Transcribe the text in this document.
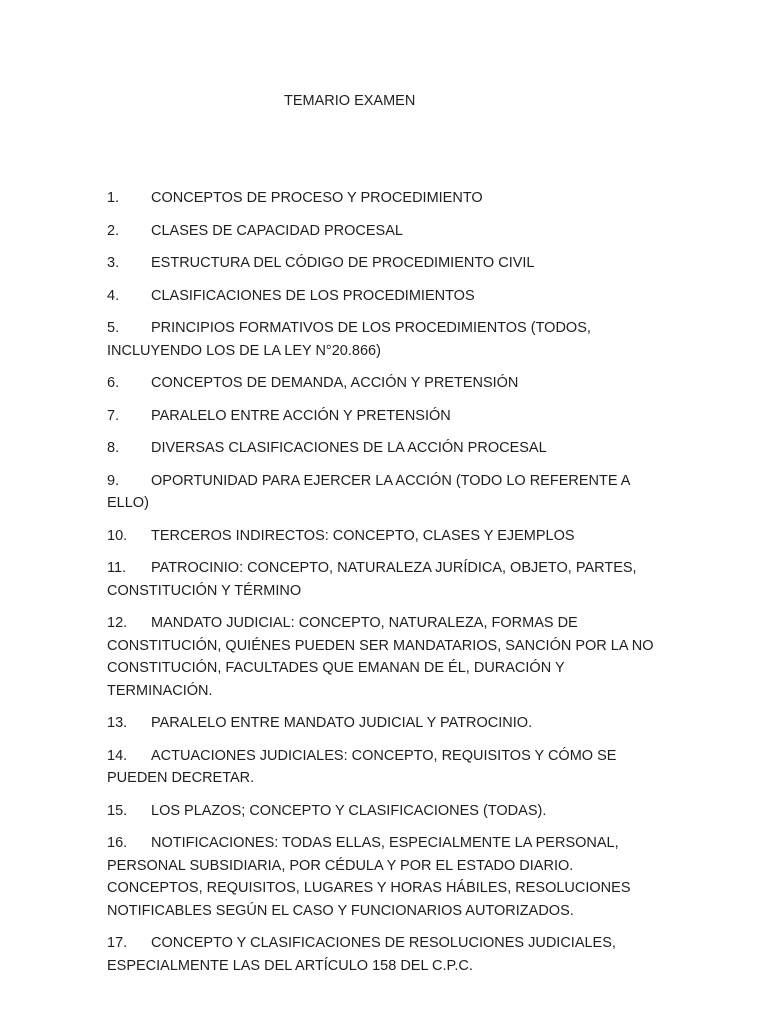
TEMARIO EXAMEN
1. CONCEPTOS DE PROCESO Y PROCEDIMIENTO
2. CLASES DE CAPACIDAD PROCESAL
3. ESTRUCTURA DEL CÓDIGO DE PROCEDIMIENTO CIVIL
4. CLASIFICACIONES DE LOS PROCEDIMIENTOS
5. PRINCIPIOS FORMATIVOS DE LOS PROCEDIMIENTOS (TODOS, INCLUYENDO LOS DE LA LEY N°20.866)
6. CONCEPTOS DE DEMANDA, ACCIÓN Y PRETENSIÓN
7. PARALELO ENTRE ACCIÓN Y PRETENSIÓN
8. DIVERSAS CLASIFICACIONES DE LA ACCIÓN PROCESAL
9. OPORTUNIDAD PARA EJERCER LA ACCIÓN (TODO LO REFERENTE A ELLO)
10. TERCEROS INDIRECTOS: CONCEPTO, CLASES Y EJEMPLOS
11. PATROCINIO: CONCEPTO, NATURALEZA JURÍDICA, OBJETO, PARTES, CONSTITUCIÓN Y TÉRMINO
12. MANDATO JUDICIAL: CONCEPTO, NATURALEZA, FORMAS DE CONSTITUCIÓN, QUIÉNES PUEDEN SER MANDATARIOS, SANCIÓN POR LA NO CONSTITUCIÓN, FACULTADES QUE EMANAN DE ÉL, DURACIÓN Y TERMINACIÓN.
13. PARALELO ENTRE MANDATO JUDICIAL Y PATROCINIO.
14. ACTUACIONES JUDICIALES: CONCEPTO, REQUISITOS Y CÓMO SE PUEDEN DECRETAR.
15. LOS PLAZOS; CONCEPTO Y CLASIFICACIONES (TODAS).
16. NOTIFICACIONES: TODAS ELLAS, ESPECIALMENTE LA PERSONAL, PERSONAL SUBSIDIARIA, POR CÉDULA Y POR EL ESTADO DIARIO. CONCEPTOS, REQUISITOS, LUGARES Y HORAS HÁBILES, RESOLUCIONES NOTIFICABLES SEGÚN EL CASO Y FUNCIONARIOS AUTORIZADOS.
17. CONCEPTO Y CLASIFICACIONES DE RESOLUCIONES JUDICIALES, ESPECIALMENTE LAS DEL ARTÍCULO 158 DEL C.P.C.
